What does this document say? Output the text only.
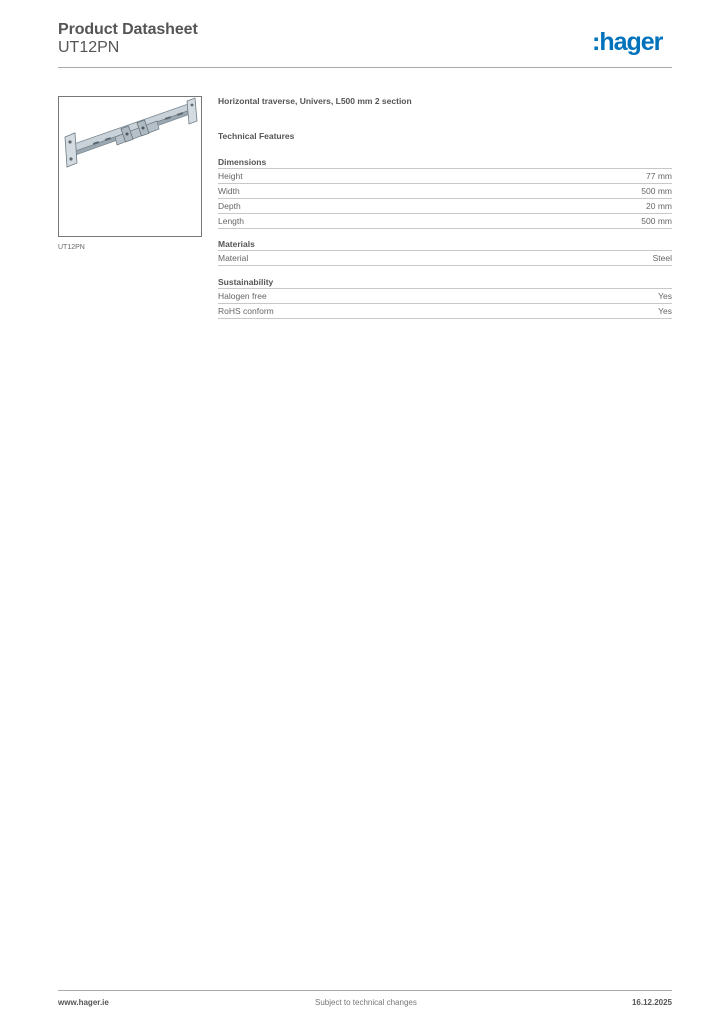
Product Datasheet
UT12PN	:hager
UT12PN
Horizontal traverse, Univers, L500 mm 2 section
Technical Features
Dimensions
Height	77 mm
Width	500 mm
Depth	20 mm
Length	500 mm
Materials
Material	Steel
Sustainability
Halogen free	Yes
RoHS conform	Yes
www.hager.ie	Subject to technical changes	16.12.2025
